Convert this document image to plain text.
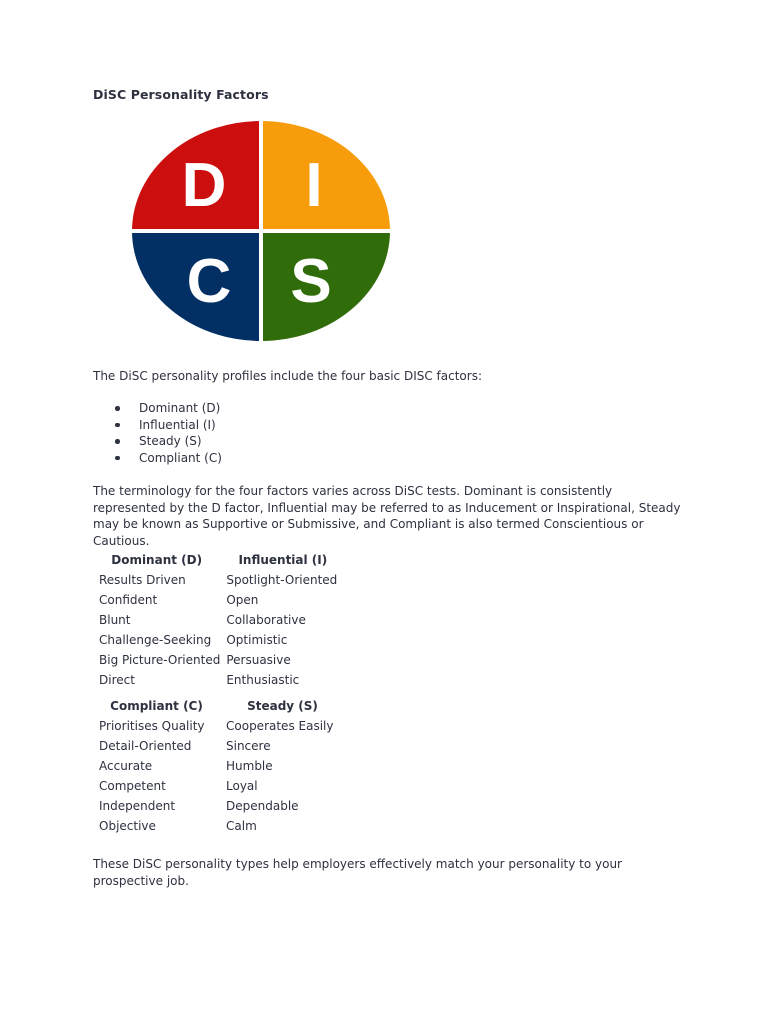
DiSC Personality Factors
D I
C S

The DiSC personality profiles include the four basic DISC factors:

Dominant (D)
Influential (I)
Steady (S)
Compliant (C)

The terminology for the four factors varies across DiSC tests. Dominant is consistently represented by the D factor, Influential may be referred to as Inducement or Inspirational, Steady may be known as Supportive or Submissive, and Compliant is also termed Conscientious or Cautious.

Dominant (D)	Influential (I)
Results Driven	Spotlight-Oriented
Confident	Open
Blunt	Collaborative
Challenge-Seeking	Optimistic
Big Picture-Oriented	Persuasive
Direct	Enthusiastic
Compliant (C)	Steady (S)
Prioritises Quality	Cooperates Easily
Detail-Oriented	Sincere
Accurate	Humble
Competent	Loyal
Independent	Dependable
Objective	Calm

These DiSC personality types help employers effectively match your personality to your prospective job.
